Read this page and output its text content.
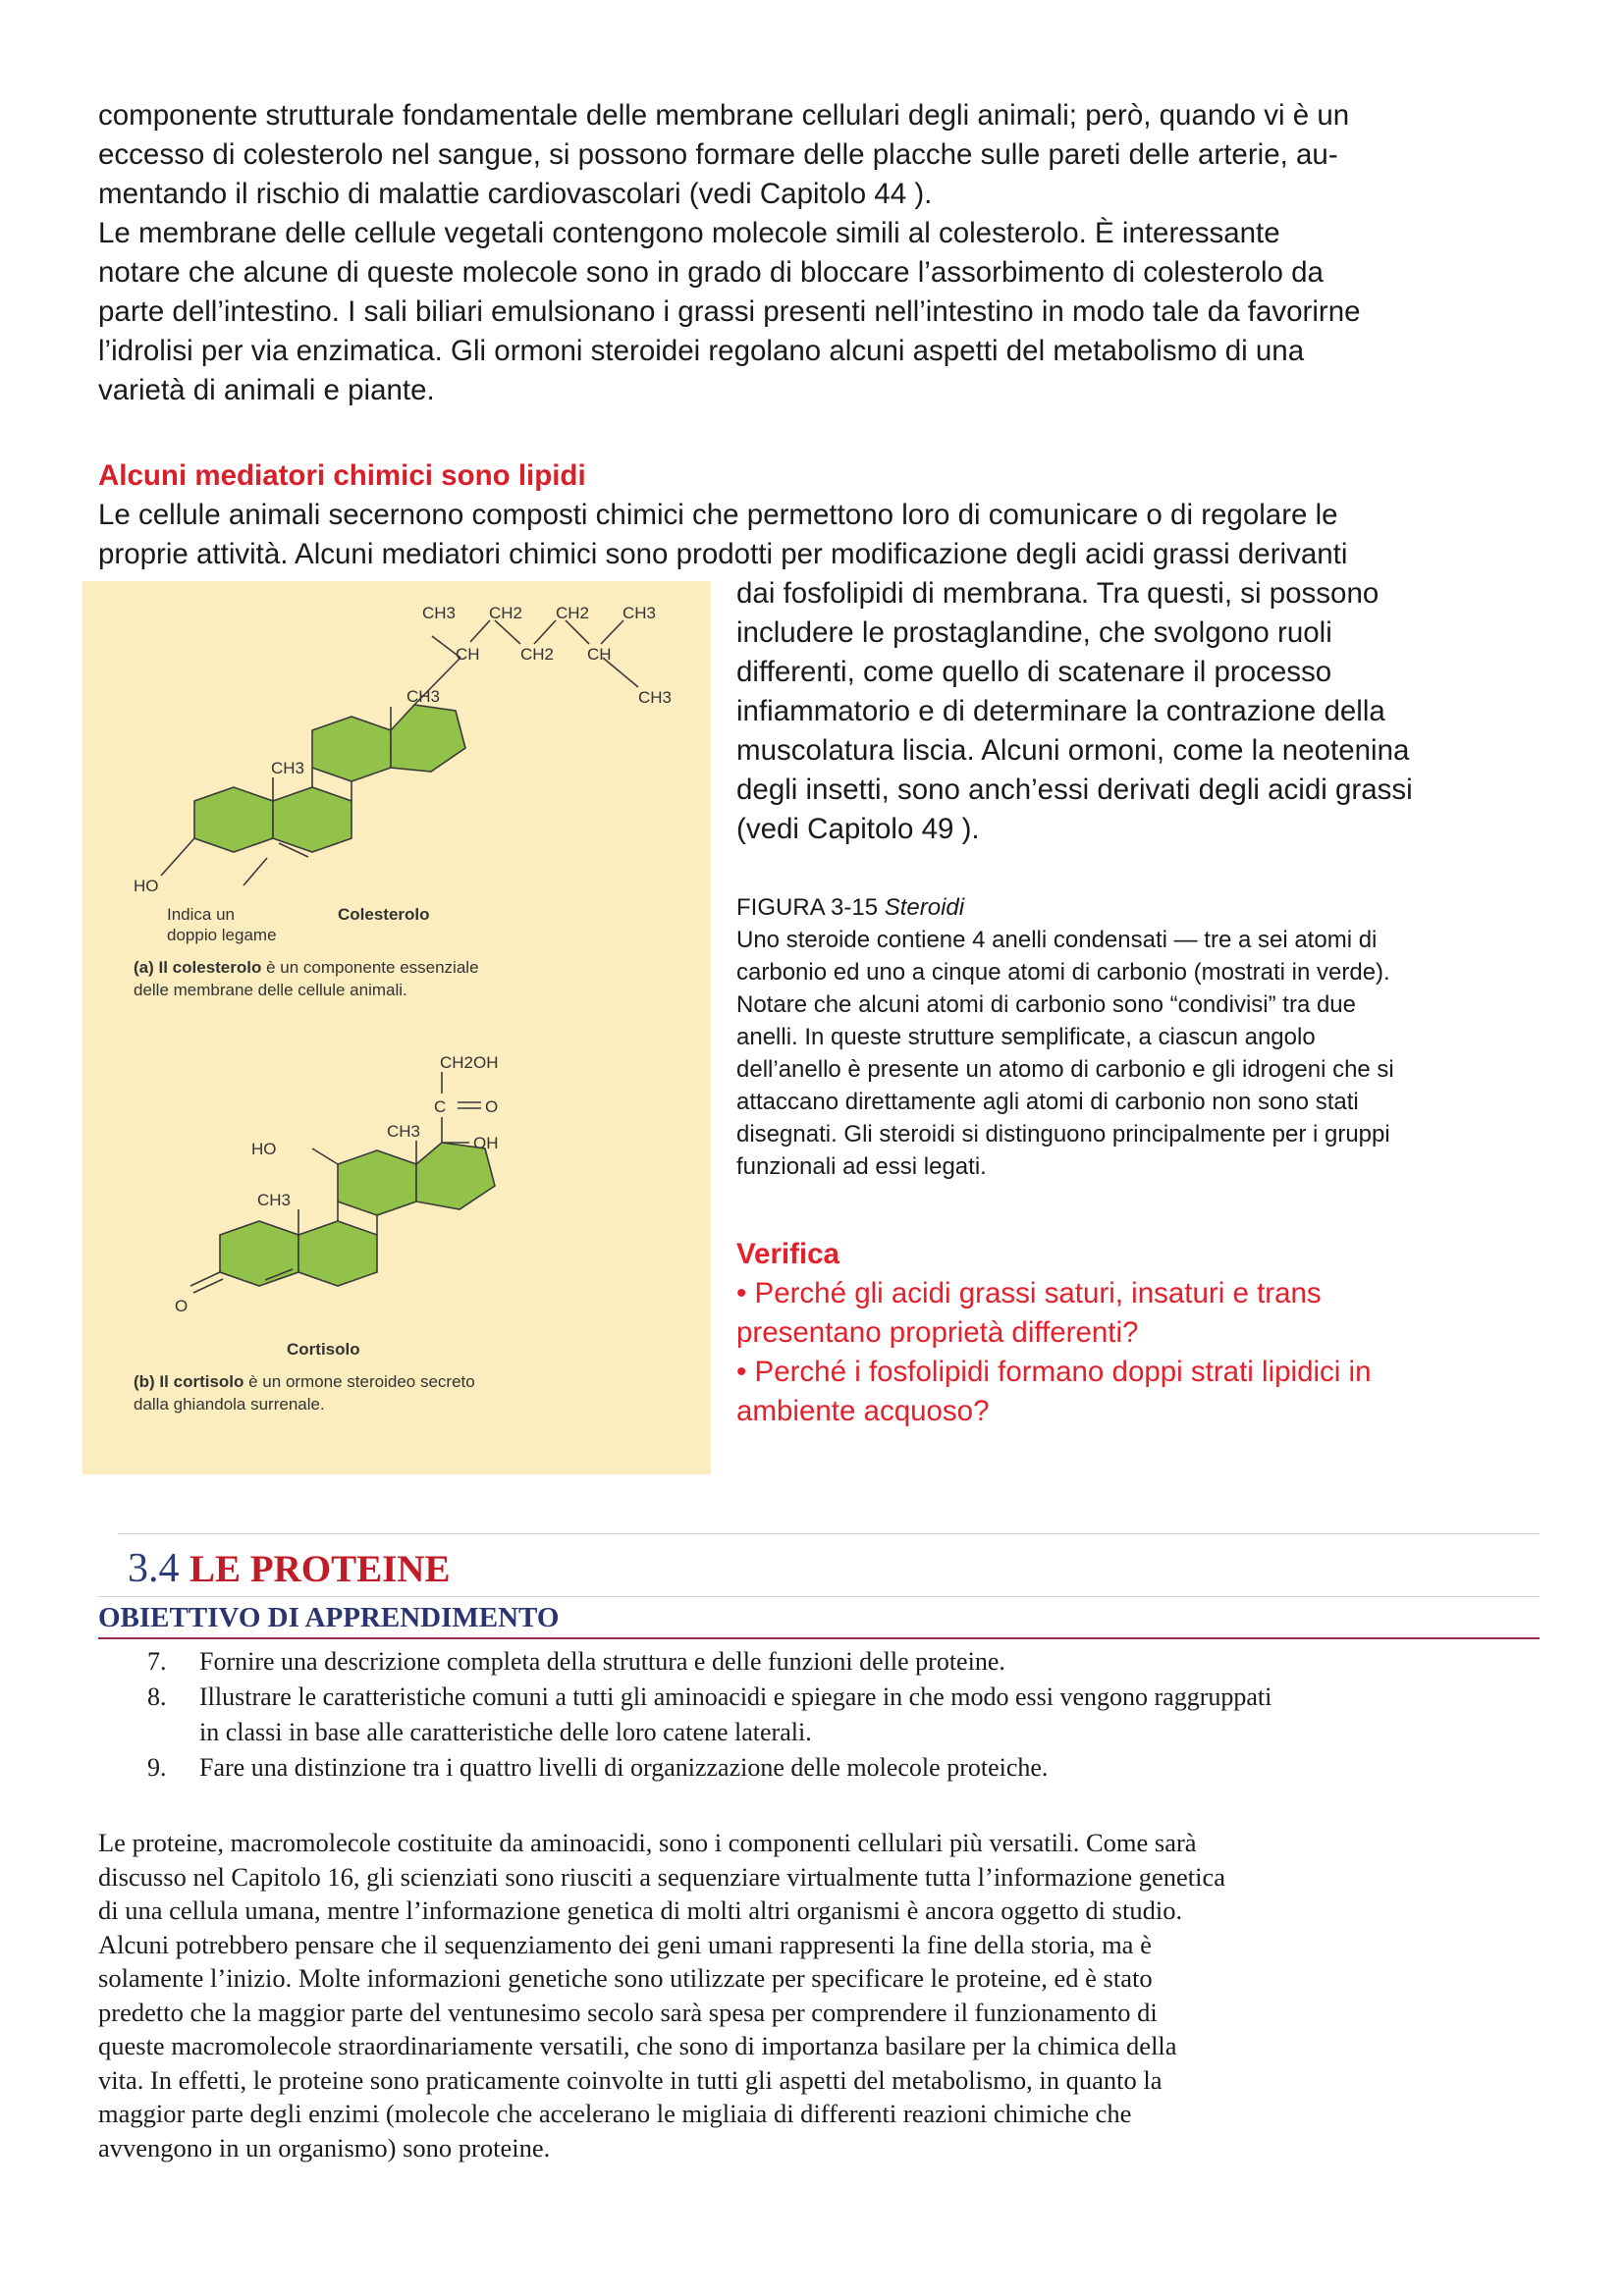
componente strutturale fondamentale delle membrane cellulari degli animali; però, quando vi è un
eccesso di colesterolo nel sangue, si possono formare delle placche sulle pareti delle arterie, au-
mentando il rischio di malattie cardiovascolari (vedi Capitolo 44 ).
Le membrane delle cellule vegetali contengono molecole simili al colesterolo. È interessante
notare che alcune di queste molecole sono in grado di bloccare l’assorbimento di colesterolo da
parte dell’intestino. I sali biliari emulsionano i grassi presenti nell’intestino in modo tale da favorirne
l’idrolisi per via enzimatica. Gli ormoni steroidei regolano alcuni aspetti del metabolismo di una
varietà di animali e piante.
Alcuni mediatori chimici sono lipidi
Le cellule animali secernono composti chimici che permettono loro di comunicare o di regolare le
proprie attività. Alcuni mediatori chimici sono prodotti per modificazione degli acidi grassi derivanti
CH3 CH2 CH2 CH3
CH CH2 CH
CH3
CH3
CH3
HO
Indica un
doppio legame
Colesterolo
(a) Il colesterolo è un componente essenziale
delle membrane delle cellule animali.
CH2OH
C O
OH
CH3
HO
CH3
O
Cortisolo
(b) Il cortisolo è un ormone steroideo secreto
dalla ghiandola surrenale.
dai fosfolipidi di membrana. Tra questi, si possono
includere le prostaglandine, che svolgono ruoli
differenti, come quello di scatenare il processo
infiammatorio e di determinare la contrazione della
muscolatura liscia. Alcuni ormoni, come la neotenina
degli insetti, sono anch’essi derivati degli acidi grassi
(vedi Capitolo 49 ).
FIGURA 3-15 Steroidi
Uno steroide contiene 4 anelli condensati — tre a sei atomi di
carbonio ed uno a cinque atomi di carbonio (mostrati in verde).
Notare che alcuni atomi di carbonio sono “condivisi” tra due
anelli. In queste strutture semplificate, a ciascun angolo
dell’anello è presente un atomo di carbonio e gli idrogeni che si
attaccano direttamente agli atomi di carbonio non sono stati
disegnati. Gli steroidi si distinguono principalmente per i gruppi
funzionali ad essi legati.
Verifica
• Perché gli acidi grassi saturi, insaturi e trans
presentano proprietà differenti?
• Perché i fosfolipidi formano doppi strati lipidici in
ambiente acquoso?
3.4 LE PROTEINE
OBIETTIVO DI APPRENDIMENTO
7. Fornire una descrizione completa della struttura e delle funzioni delle proteine.
8. Illustrare le caratteristiche comuni a tutti gli aminoacidi e spiegare in che modo essi vengono raggruppati
in classi in base alle caratteristiche delle loro catene laterali.
9. Fare una distinzione tra i quattro livelli di organizzazione delle molecole proteiche.
Le proteine, macromolecole costituite da aminoacidi, sono i componenti cellulari più versatili. Come sarà
discusso nel Capitolo 16, gli scienziati sono riusciti a sequenziare virtualmente tutta l’informazione genetica
di una cellula umana, mentre l’informazione genetica di molti altri organismi è ancora oggetto di studio.
Alcuni potrebbero pensare che il sequenziamento dei geni umani rappresenti la fine della storia, ma è
solamente l’inizio. Molte informazioni genetiche sono utilizzate per specificare le proteine, ed è stato
predetto che la maggior parte del ventunesimo secolo sarà spesa per comprendere il funzionamento di
queste macromolecole straordinariamente versatili, che sono di importanza basilare per la chimica della
vita. In effetti, le proteine sono praticamente coinvolte in tutti gli aspetti del metabolismo, in quanto la
maggior parte degli enzimi (molecole che accelerano le migliaia di differenti reazioni chimiche che
avvengono in un organismo) sono proteine.
